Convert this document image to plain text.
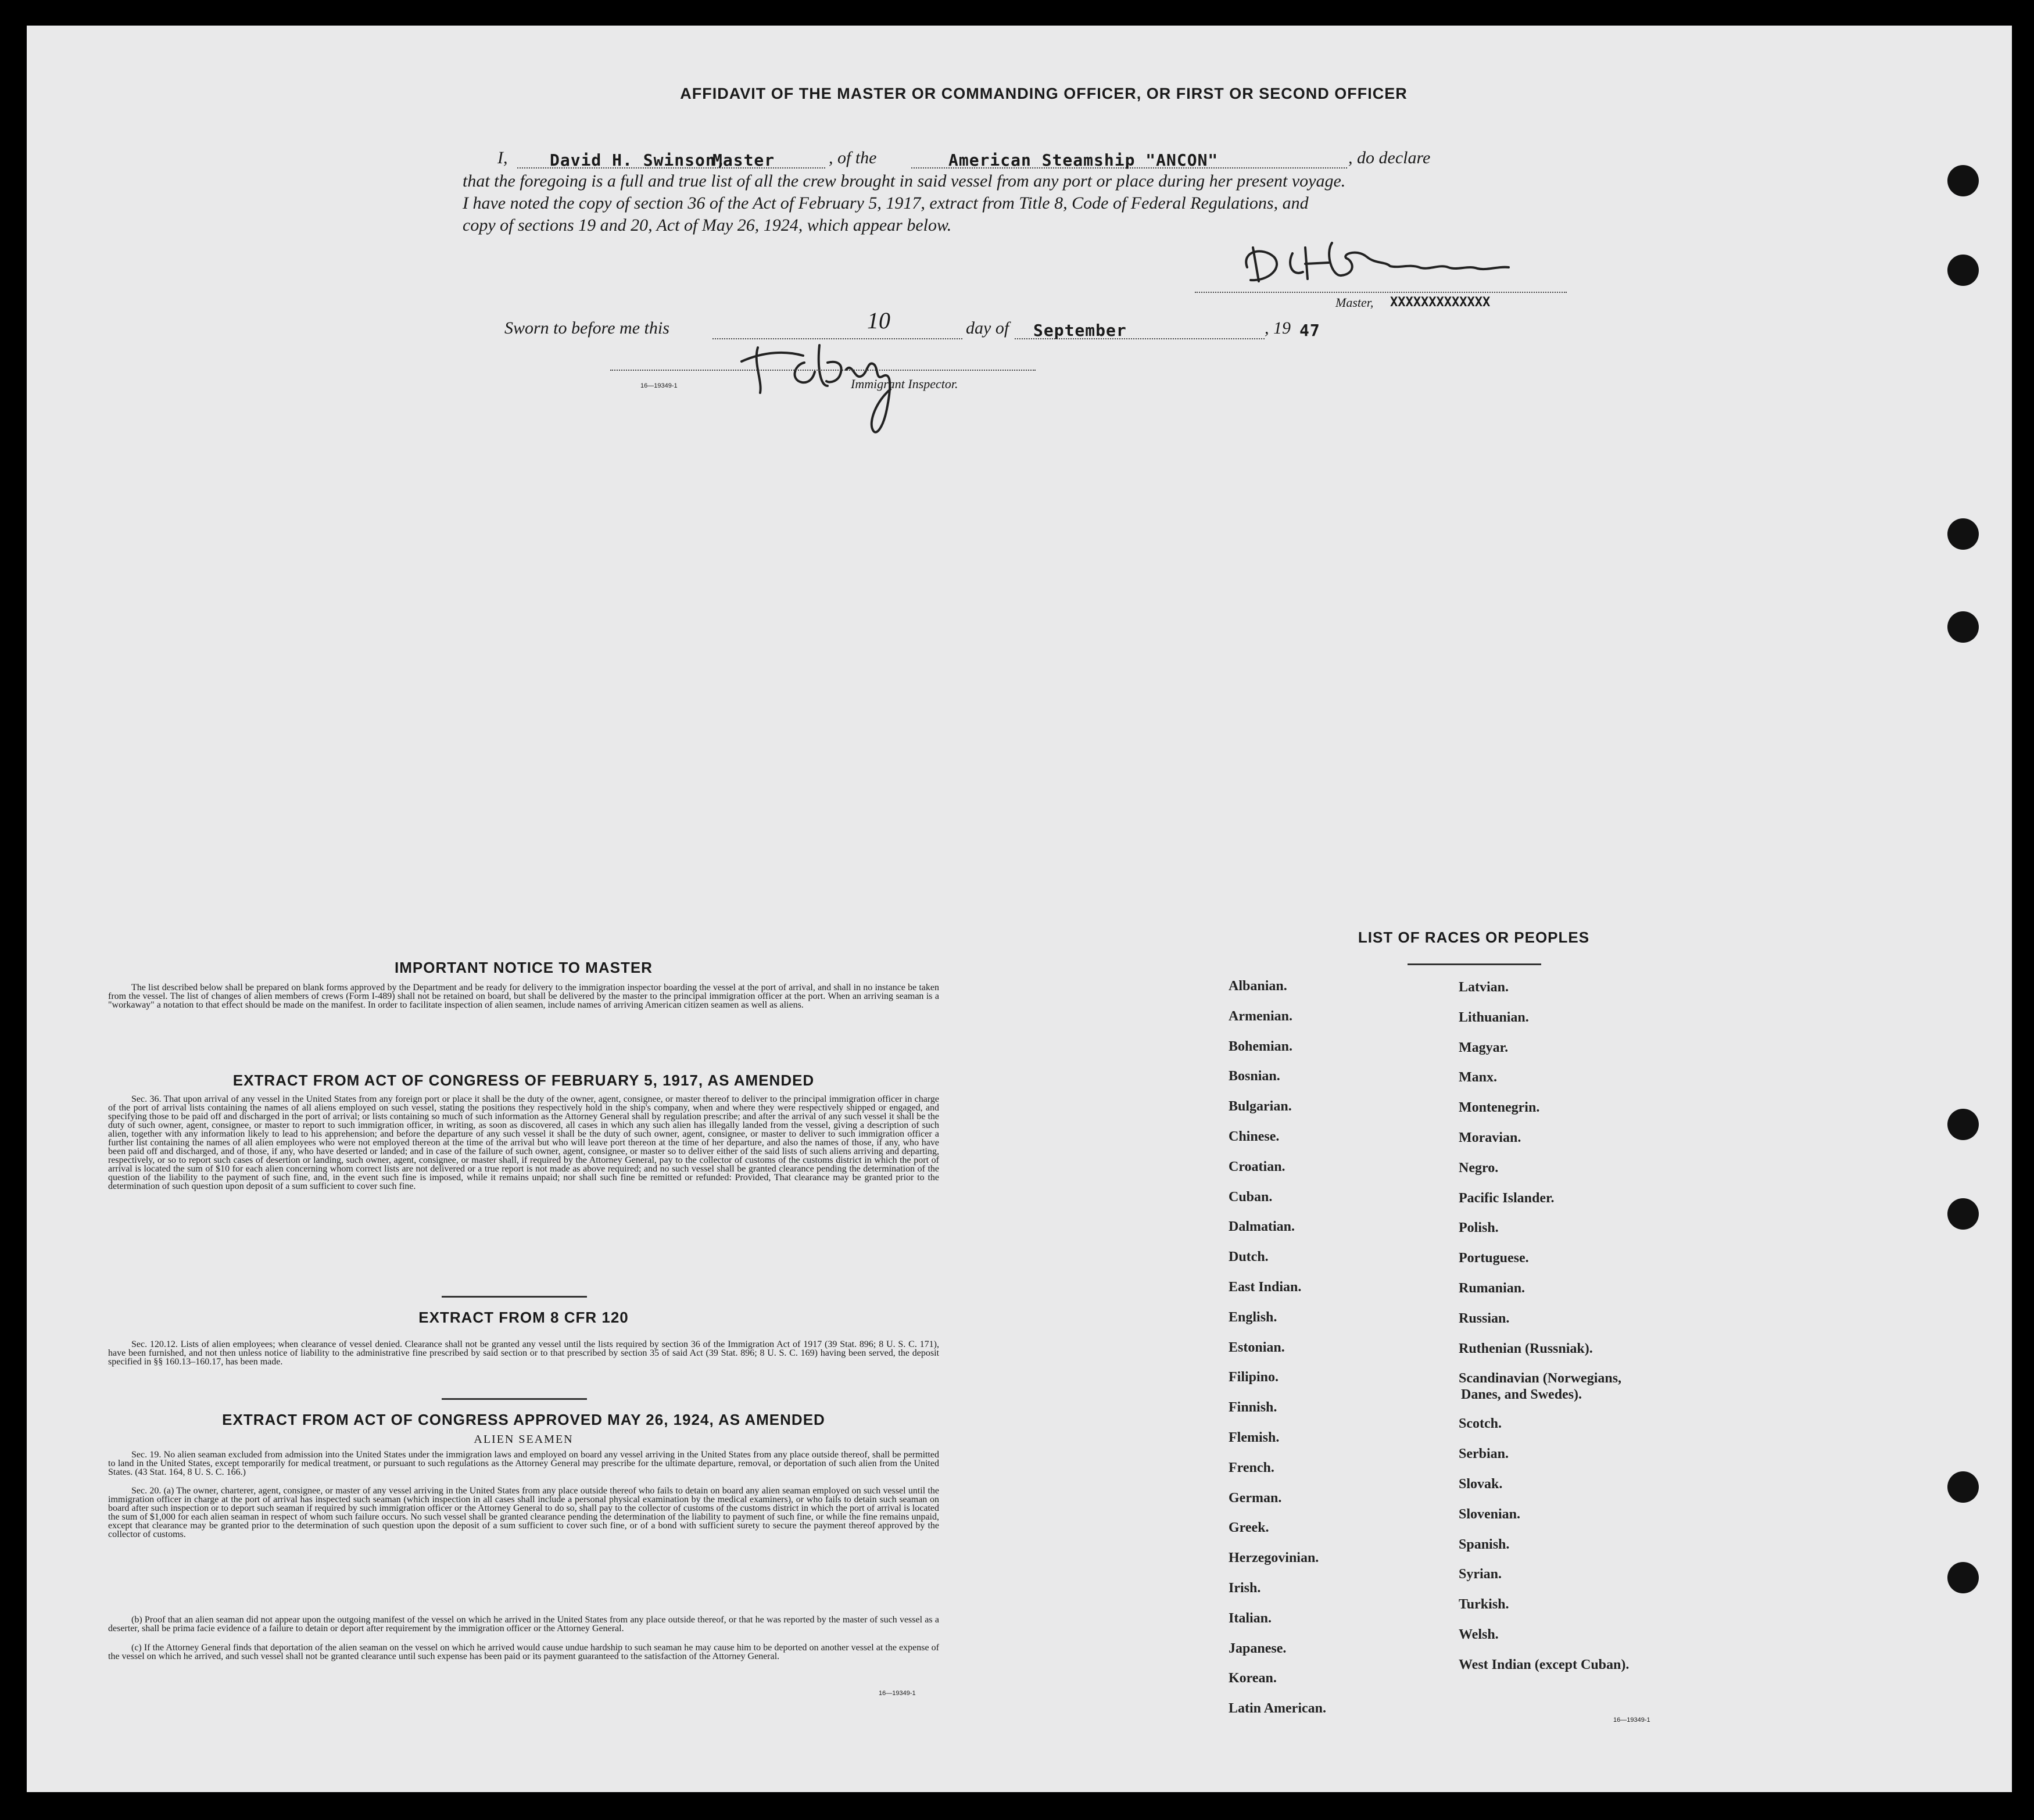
AFFIDAVIT OF THE MASTER OR COMMANDING OFFICER, OR FIRST OR SECOND OFFICER
I,	David H. Swinson,
Master	, of the	American Steamship "ANCON"	, do declare
that the foregoing is a full and true list of all the crew brought in said vessel from any port or place during her present voyage.
I have noted the copy of section 36 of the Act of February 5, 1917, extract from Title 8, Code of Federal Regulations, and
copy of sections 19 and 20, Act of May 26, 1924, which appear below.
Master, XXXXXXXXXXXXX
Sworn to before me this	10	day of September	, 19 47
16—19349-1	Immigrant Inspector.
IMPORTANT NOTICE TO MASTER
The list described below shall be prepared on blank forms approved by the Department and be ready for delivery to the immigration inspector boarding the vessel at the port of arrival, and shall in no instance be taken from the vessel. The list of changes of alien members of crews (Form I-489) shall not be retained on board, but shall be delivered by the master to the principal immigration officer at the port. When an arriving seaman is a "workaway" a notation to that effect should be made on the manifest. In order to facilitate inspection of alien seamen, include names of arriving American citizen seamen as well as aliens.
EXTRACT FROM ACT OF CONGRESS OF FEBRUARY 5, 1917, AS AMENDED
Sec. 36. That upon arrival of any vessel in the United States from any foreign port or place it shall be the duty of the owner, agent, consignee, or master thereof to deliver to the principal immigration officer in charge of the port of arrival lists containing the names of all aliens employed on such vessel, stating the positions they respectively hold in the ship's company, when and where they were respectively shipped or engaged, and specifying those to be paid off and discharged in the port of arrival; or lists containing so much of such information as the Attorney General shall by regulation prescribe; and after the arrival of any such vessel it shall be the duty of such owner, agent, consignee, or master to report to such immigration officer, in writing, as soon as discovered, all cases in which any such alien has illegally landed from the vessel, giving a description of such alien, together with any information likely to lead to his apprehension; and before the departure of any such vessel it shall be the duty of such owner, agent, consignee, or master to deliver to such immigration officer a further list containing the names of all alien employees who were not employed thereon at the time of the arrival but who will leave port thereon at the time of her departure, and also the names of those, if any, who have been paid off and discharged, and of those, if any, who have deserted or landed; and in case of the failure of such owner, agent, consignee, or master so to deliver either of the said lists of such aliens arriving and departing, respectively, or so to report such cases of desertion or landing, such owner, agent, consignee, or master shall, if required by the Attorney General, pay to the collector of customs of the customs district in which the port of arrival is located the sum of $10 for each alien concerning whom correct lists are not delivered or a true report is not made as above required; and no such vessel shall be granted clearance pending the determination of the question of the liability to the payment of such fine, and, in the event such fine is imposed, while it remains unpaid; nor shall such fine be remitted or refunded: Provided, That clearance may be granted prior to the determination of such question upon deposit of a sum sufficient to cover such fine.
EXTRACT FROM 8 CFR 120
Sec. 120.12. Lists of alien employees; when clearance of vessel denied. Clearance shall not be granted any vessel until the lists required by section 36 of the Immigration Act of 1917 (39 Stat. 896; 8 U. S. C. 171), have been furnished, and not then unless notice of liability to the administrative fine prescribed by said section or to that prescribed by section 35 of said Act (39 Stat. 896; 8 U. S. C. 169) having been served, the deposit specified in §§ 160.13–160.17, has been made.
EXTRACT FROM ACT OF CONGRESS APPROVED MAY 26, 1924, AS AMENDED
ALIEN SEAMEN
Sec. 19. No alien seaman excluded from admission into the United States under the immigration laws and employed on board any vessel arriving in the United States from any place outside thereof, shall be permitted to land in the United States, except temporarily for medical treatment, or pursuant to such regulations as the Attorney General may prescribe for the ultimate departure, removal, or deportation of such alien from the United States. (43 Stat. 164, 8 U. S. C. 166.)
Sec. 20. (a) The owner, charterer, agent, consignee, or master of any vessel arriving in the United States from any place outside thereof who fails to detain on board any alien seaman employed on such vessel until the immigration officer in charge at the port of arrival has inspected such seaman (which inspection in all cases shall include a personal physical examination by the medical examiners), or who fails to detain such seaman on board after such inspection or to deport such seaman if required by such immigration officer or the Attorney General to do so, shall pay to the collector of customs of the customs district in which the port of arrival is located the sum of $1,000 for each alien seaman in respect of whom such failure occurs. No such vessel shall be granted clearance pending the determination of the liability to payment of such fine, or while the fine remains unpaid, except that clearance may be granted prior to the determination of such question upon the deposit of a sum sufficient to cover such fine, or of a bond with sufficient surety to secure the payment thereof approved by the collector of customs.
(b) Proof that an alien seaman did not appear upon the outgoing manifest of the vessel on which he arrived in the United States from any place outside thereof, or that he was reported by the master of such vessel as a deserter, shall be prima facie evidence of a failure to detain or deport after requirement by the immigration officer or the Attorney General.
(c) If the Attorney General finds that deportation of the alien seaman on the vessel on which he arrived would cause undue hardship to such seaman he may cause him to be deported on another vessel at the expense of the vessel on which he arrived, and such vessel shall not be granted clearance until such expense has been paid or its payment guaranteed to the satisfaction of the Attorney General.
16—19349-1
LIST OF RACES OR PEOPLES
Albanian.
Armenian.
Bohemian.
Bosnian.
Bulgarian.
Chinese.
Croatian.
Cuban.
Dalmatian.
Dutch.
East Indian.
English.
Estonian.
Filipino.
Finnish.
Flemish.
French.
German.
Greek.
Herzegovinian.
Irish.
Italian.
Japanese.
Korean.
Latin American.
Latvian.
Lithuanian.
Magyar.
Manx.
Montenegrin.
Moravian.
Negro.
Pacific Islander.
Polish.
Portuguese.
Rumanian.
Russian.
Ruthenian (Russniak).
Scandinavian (Norwegians,
Danes, and Swedes).
Scotch.
Serbian.
Slovak.
Slovenian.
Spanish.
Syrian.
Turkish.
Welsh.
West Indian (except Cuban).
16—19349-1
